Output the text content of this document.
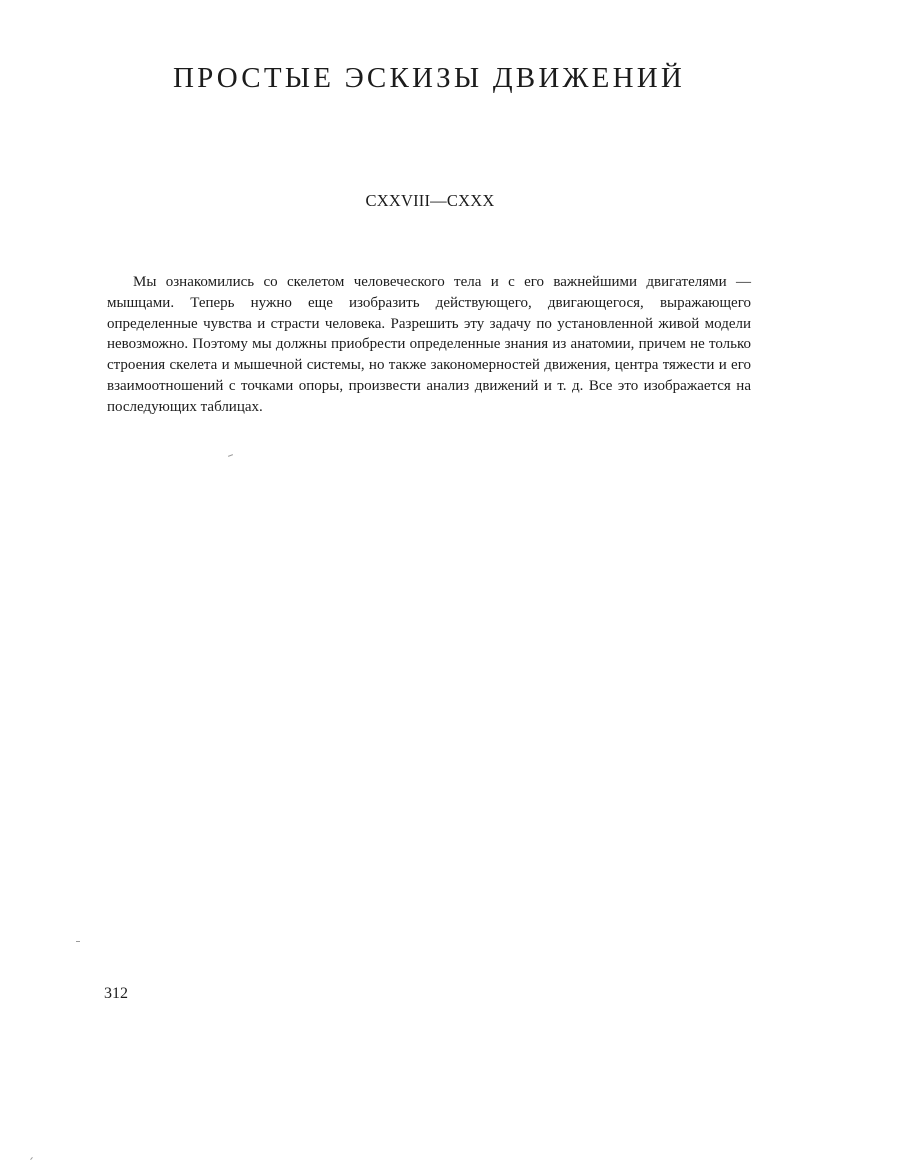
ПРОСТЫЕ ЭСКИЗЫ ДВИЖЕНИЙ
CXXVIII—CXXX

Мы ознакомились со скелетом человеческого тела и с его важнейшими двигателями — мышцами. Теперь нужно еще изобразить действующего, двигающегося, выражающего определенные чувства и страсти человека. Разрешить эту задачу по установленной живой модели невозможно. Поэтому мы должны приобрести определенные знания из анатомии, причем не только строения скелета и мышечной системы, но также закономерностей движения, центра тяжести и его взаимоотношений с точками опоры, произвести анализ движений и т. д. Все это изображается на последующих таблицах.

312
